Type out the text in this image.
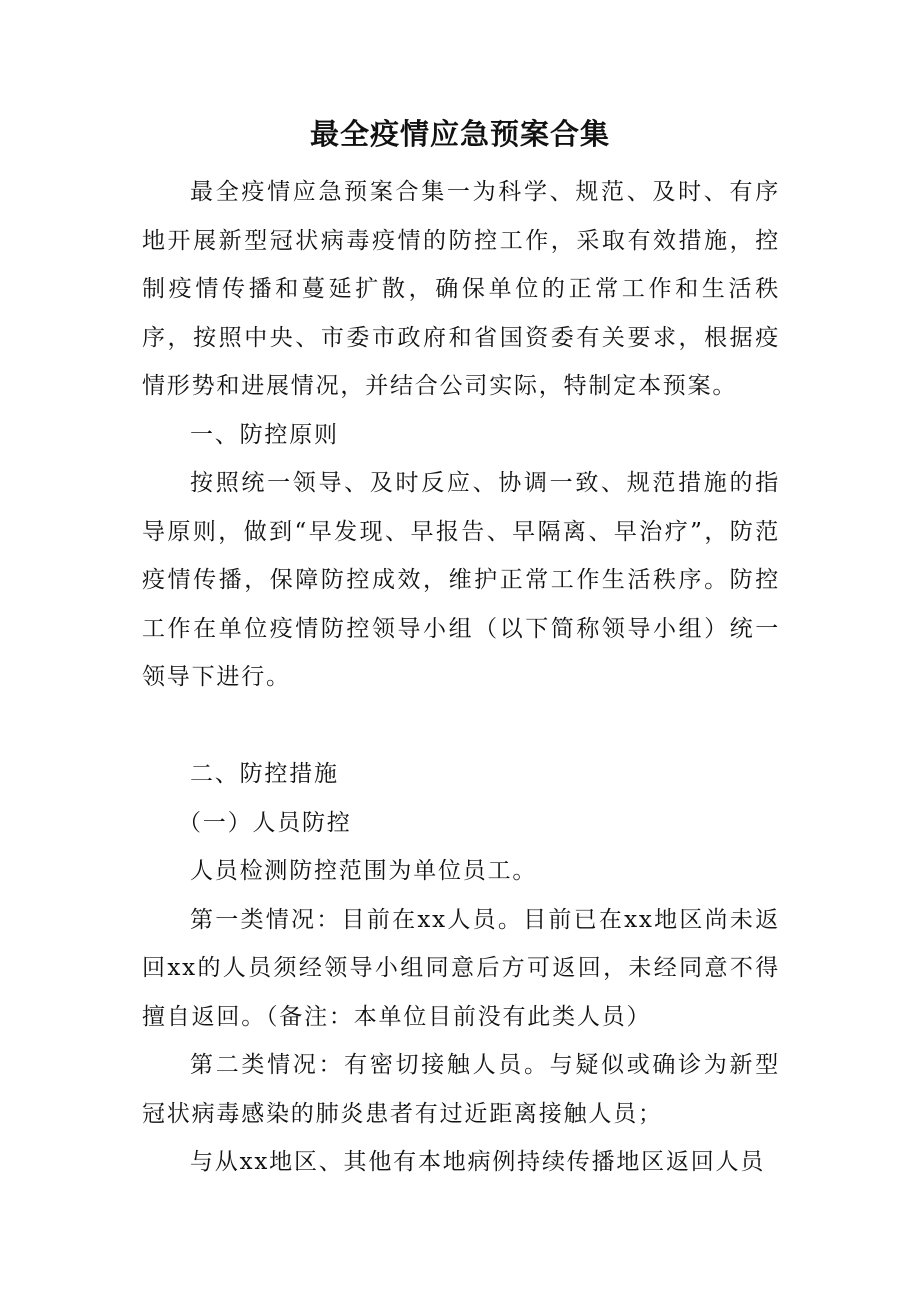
最全疫情应急预案合集

最全疫情应急预案合集一为科学、规范、及时、有序地开展新型冠状病毒疫情的防控工作，采取有效措施，控制疫情传播和蔓延扩散，确保单位的正常工作和生活秩序，按照中央、市委市政府和省国资委有关要求，根据疫情形势和进展情况，并结合公司实际，特制定本预案。

一、防控原则

按照统一领导、及时反应、协调一致、规范措施的指导原则，做到“早发现、早报告、早隔离、早治疗”，防范疫情传播，保障防控成效，维护正常工作生活秩序。防控工作在单位疫情防控领导小组（以下简称领导小组）统一领导下进行。

二、防控措施

（一）人员防控

人员检测防控范围为单位员工。

第一类情况：目前在xx人员。目前已在xx地区尚未返回xx的人员须经领导小组同意后方可返回，未经同意不得擅自返回。（备注：本单位目前没有此类人员）

第二类情况：有密切接触人员。与疑似或确诊为新型冠状病毒感染的肺炎患者有过近距离接触人员；

与从xx地区、其他有本地病例持续传播地区返回人员
